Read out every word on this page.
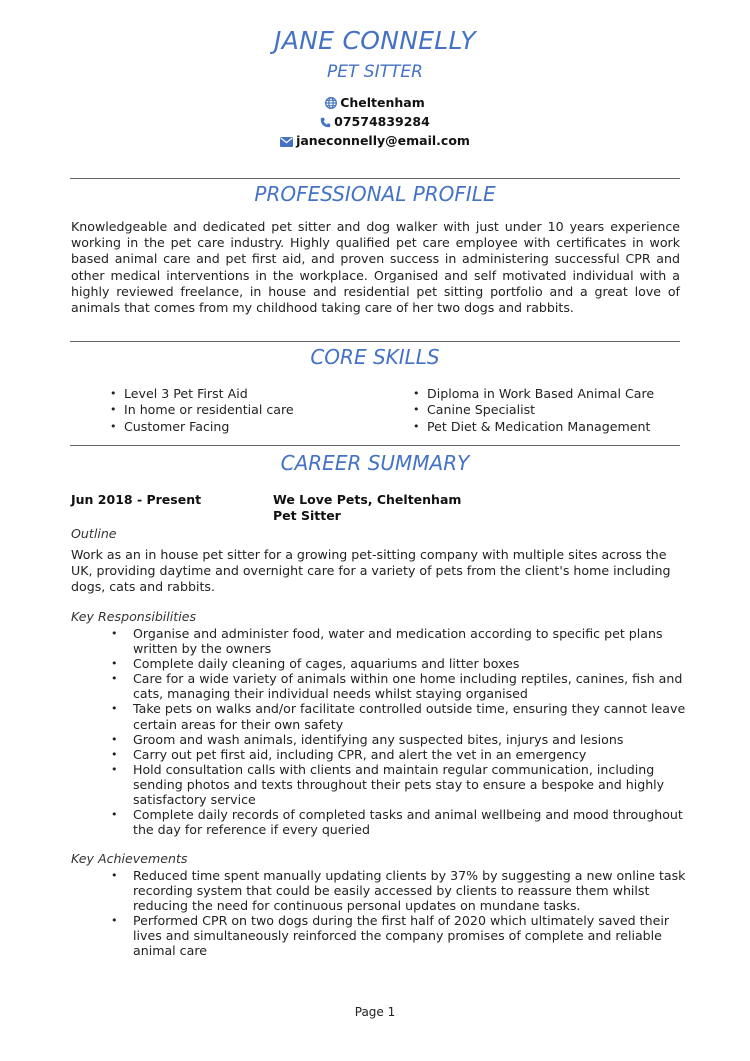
JANE CONNELLY
PET SITTER
Cheltenham
07574839284
janeconnelly@email.com
PROFESSIONAL PROFILE
Knowledgeable and dedicated pet sitter and dog walker with just under 10 years experience working in the pet care industry. Highly qualified pet care employee with certificates in work based animal care and pet first aid, and proven success in administering successful CPR and other medical interventions in the workplace. Organised and self motivated individual with a highly reviewed freelance, in house and residential pet sitting portfolio and a great love of animals that comes from my childhood taking care of her two dogs and rabbits.
CORE SKILLS
• Level 3 Pet First Aid
• In home or residential care
• Customer Facing
• Diploma in Work Based Animal Care
• Canine Specialist
• Pet Diet & Medication Management
CAREER SUMMARY
Jun 2018 - Present	We Love Pets, Cheltenham
Pet Sitter
Outline
Work as an in house pet sitter for a growing pet-sitting company with multiple sites across the UK, providing daytime and overnight care for a variety of pets from the client's home including dogs, cats and rabbits.
Key Responsibilities
• Organise and administer food, water and medication according to specific pet plans written by the owners
• Complete daily cleaning of cages, aquariums and litter boxes
• Care for a wide variety of animals within one home including reptiles, canines, fish and cats, managing their individual needs whilst staying organised
• Take pets on walks and/or facilitate controlled outside time, ensuring they cannot leave certain areas for their own safety
• Groom and wash animals, identifying any suspected bites, injurys and lesions
• Carry out pet first aid, including CPR, and alert the vet in an emergency
• Hold consultation calls with clients and maintain regular communication, including sending photos and texts throughout their pets stay to ensure a bespoke and highly satisfactory service
• Complete daily records of completed tasks and animal wellbeing and mood throughout the day for reference if every queried
Key Achievements
• Reduced time spent manually updating clients by 37% by suggesting a new online task recording system that could be easily accessed by clients to reassure them whilst reducing the need for continuous personal updates on mundane tasks.
• Performed CPR on two dogs during the first half of 2020 which ultimately saved their lives and simultaneously reinforced the company promises of complete and reliable animal care
Page 1
